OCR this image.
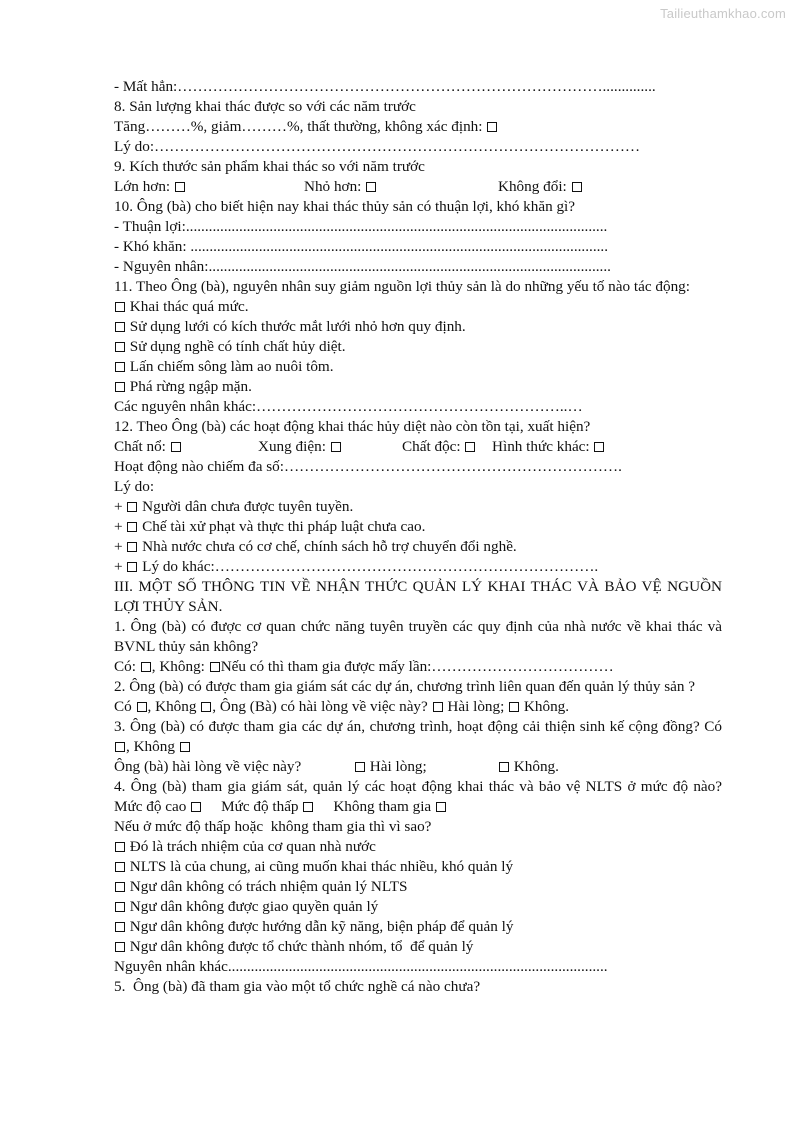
Tailieuthamkhao.com
- Mất hẳn:…………………………………………………………………………..............
8. Sản lượng khai thác được so với các năm trước
Tăng………%, giảm………%, thất thường, không xác định:
Lý do:……………………………………………………………………………………
9. Kích thước sản phẩm khai thác so với năm trước
Lớn hơn:	Nhỏ hơn:	Không đổi:
10. Ông (bà) cho biết hiện nay khai thác thủy sản có thuận lợi, khó khăn gì?
- Thuận lợi:...............................................................................................................
- Khó khăn: ..............................................................................................................
- Nguyên nhân:..........................................................................................................
11. Theo Ông (bà), nguyên nhân suy giảm nguồn lợi thủy sản là do những yếu tố nào tác động:
Khai thác quá mức.
Sử dụng lưới có kích thước mắt lưới nhỏ hơn quy định.
Sử dụng nghề có tính chất hủy diệt.
Lấn chiếm sông làm ao nuôi tôm.
Phá rừng ngập mặn.
Các nguyên nhân khác:……………………………………………………..…
12. Theo Ông (bà) các hoạt động khai thác hủy diệt nào còn tồn tại, xuất hiện?
Chất nổ:	Xung điện:	Chất độc:	Hình thức khác:
Hoạt động nào chiếm đa số:………………………………………………………….
Lý do:
+  Người dân chưa được tuyên tuyền.
+  Chế tài xử phạt và thực thi pháp luật chưa cao.
+  Nhà nước chưa có cơ chế, chính sách hỗ trợ chuyển đổi nghề.
+  Lý do khác:………………………………………………………………….
III. MỘT SỐ THÔNG TIN VỀ NHẬN THỨC QUẢN LÝ KHAI THÁC VÀ BẢO VỆ NGUỒN LỢI THỦY SẢN.
1. Ông (bà) có được cơ quan chức năng tuyên truyền các quy định của nhà nước về khai thác và BVNL thủy sản không?
Có: , Không: Nếu có thì tham gia được mấy lần:………………………………
2. Ông (bà) có được tham gia giám sát các dự án, chương trình liên quan đến quản lý thủy sản ?
Có , Không , Ông (Bà) có hài lòng về việc này? Hài lòng; Không.
3. Ông (bà) có được tham gia các dự án, chương trình, hoạt động cải thiện sinh kế cộng đồng? Có , Không
Ông (bà) hài lòng về việc này?	Hài lòng;	Không.
4. Ông (bà) tham gia giám sát, quản lý các hoạt động khai thác và bảo vệ NLTS ở mức độ nào? Mức độ cao Mức độ thấp Không tham gia
Nếu ở mức độ thấp hoặc  không tham gia thì vì sao?
Đó là trách nhiệm của cơ quan nhà nước
NLTS là của chung, ai cũng muốn khai thác nhiều, khó quản lý
Ngư dân không có trách nhiệm quản lý NLTS
Ngư dân không được giao quyền quản lý
Ngư dân không được hướng dẫn kỹ năng, biện pháp để quản lý
Ngư dân không được tổ chức thành nhóm, tổ  để quản lý
Nguyên nhân khác....................................................................................................
5.  Ông (bà) đã tham gia vào một tổ chức nghề cá nào chưa?
